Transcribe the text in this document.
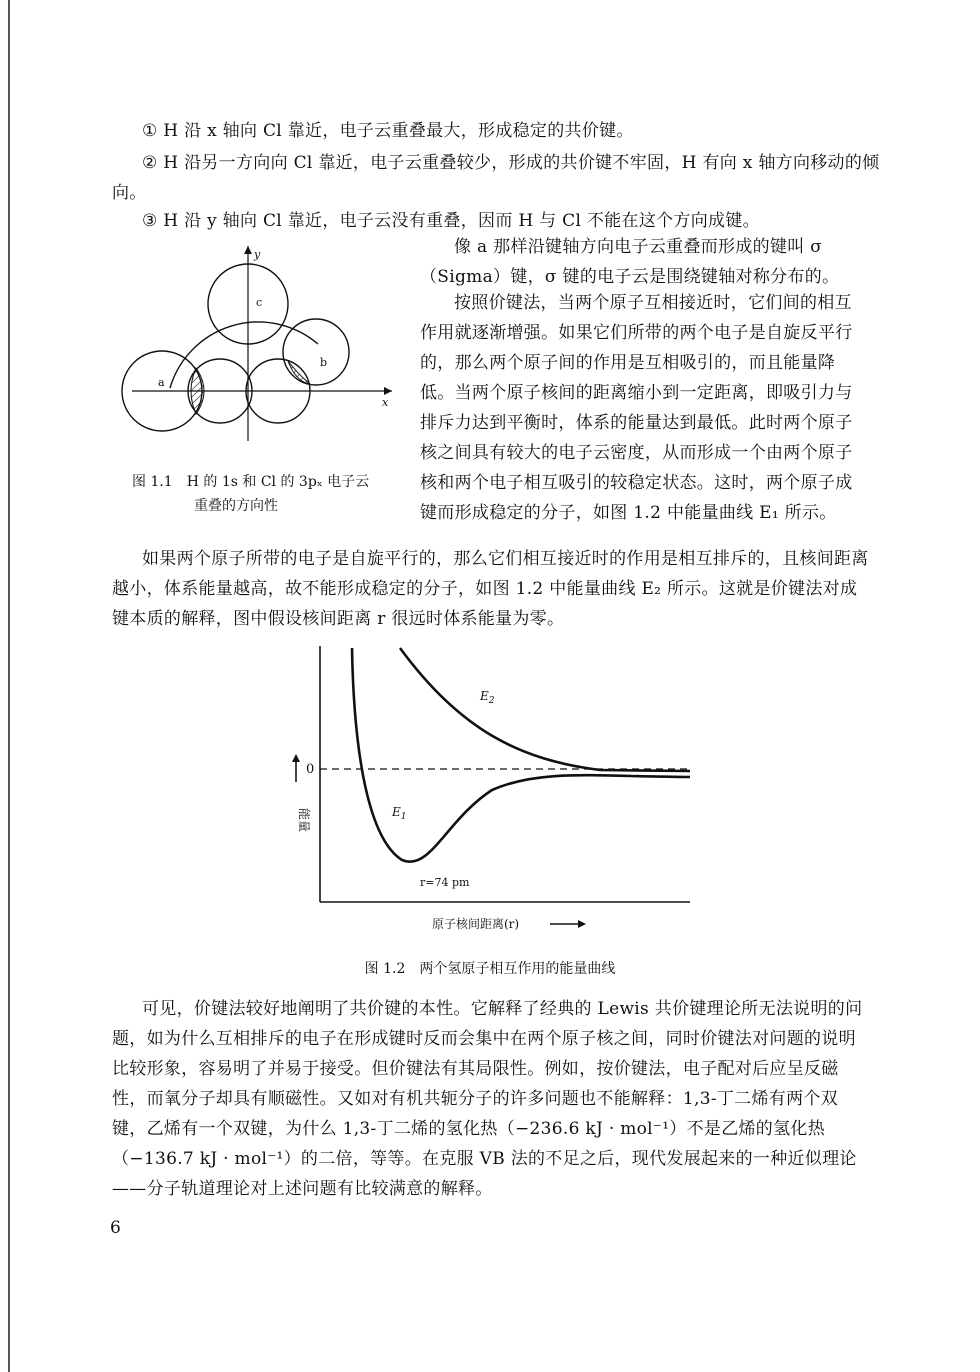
① H 沿 x 轴向 Cl 靠近，电子云重叠最大，形成稳定的共价键。

② H 沿另一方向向 Cl 靠近，电子云重叠较少，形成的共价键不牢固，H 有向 x 轴方向移动的倾向。

③ H 沿 y 轴向 Cl 靠近，电子云没有重叠，因而 H 与 Cl 不能在这个方向成键。

像 a 那样沿键轴方向电子云重叠而形成的键叫 σ（Sigma）键，σ 键的电子云是围绕键轴对称分布的。

按照价键法，当两个原子互相接近时，它们间的相互作用就逐渐增强。如果它们所带的两个电子是自旋反平行的，那么两个原子间的作用是互相吸引的，而且能量降低。当两个原子核间的距离缩小到一定距离，即吸引力与排斥力达到平衡时，体系的能量达到最低。此时两个原子核之间具有较大的电子云密度，从而形成一个由两个原子核和两个电子相互吸引的较稳定状态。这时，两个原子成键而形成稳定的分子，如图 1.2 中能量曲线 E₁ 所示。

如果两个原子所带的电子是自旋平行的，那么它们相互接近时的作用是相互排斥的，且核间距离越小，体系能量越高，故不能形成稳定的分子，如图 1.2 中能量曲线 E₂ 所示。这就是价键法对成键本质的解释，图中假设核间距离 r 很远时体系能量为零。

y
x
a
b
c
图 1.1　H 的 1s 和 Cl 的 3pₓ 电子云
重叠的方向性
$E_2$
$E_1$
0
能量
r=74 pm
原子核间距离(r)
图 1.2　两个氢原子相互作用的能量曲线

可见，价键法较好地阐明了共价键的本性。它解释了经典的 Lewis 共价键理论所无法说明的问题，如为什么互相排斥的电子在形成键时反而会集中在两个原子核之间，同时价键法对问题的说明比较形象，容易明了并易于接受。但价键法有其局限性。例如，按价键法，电子配对后应呈反磁性，而氧分子却具有顺磁性。又如对有机共轭分子的许多问题也不能解释：1,3-丁二烯有两个双键，乙烯有一个双键，为什么 1,3-丁二烯的氢化热（−236.6 kJ · mol⁻¹）不是乙烯的氢化热（−136.7 kJ · mol⁻¹）的二倍，等等。在克服 VB 法的不足之后，现代发展起来的一种近似理论——分子轨道理论对上述问题有比较满意的解释。

6
